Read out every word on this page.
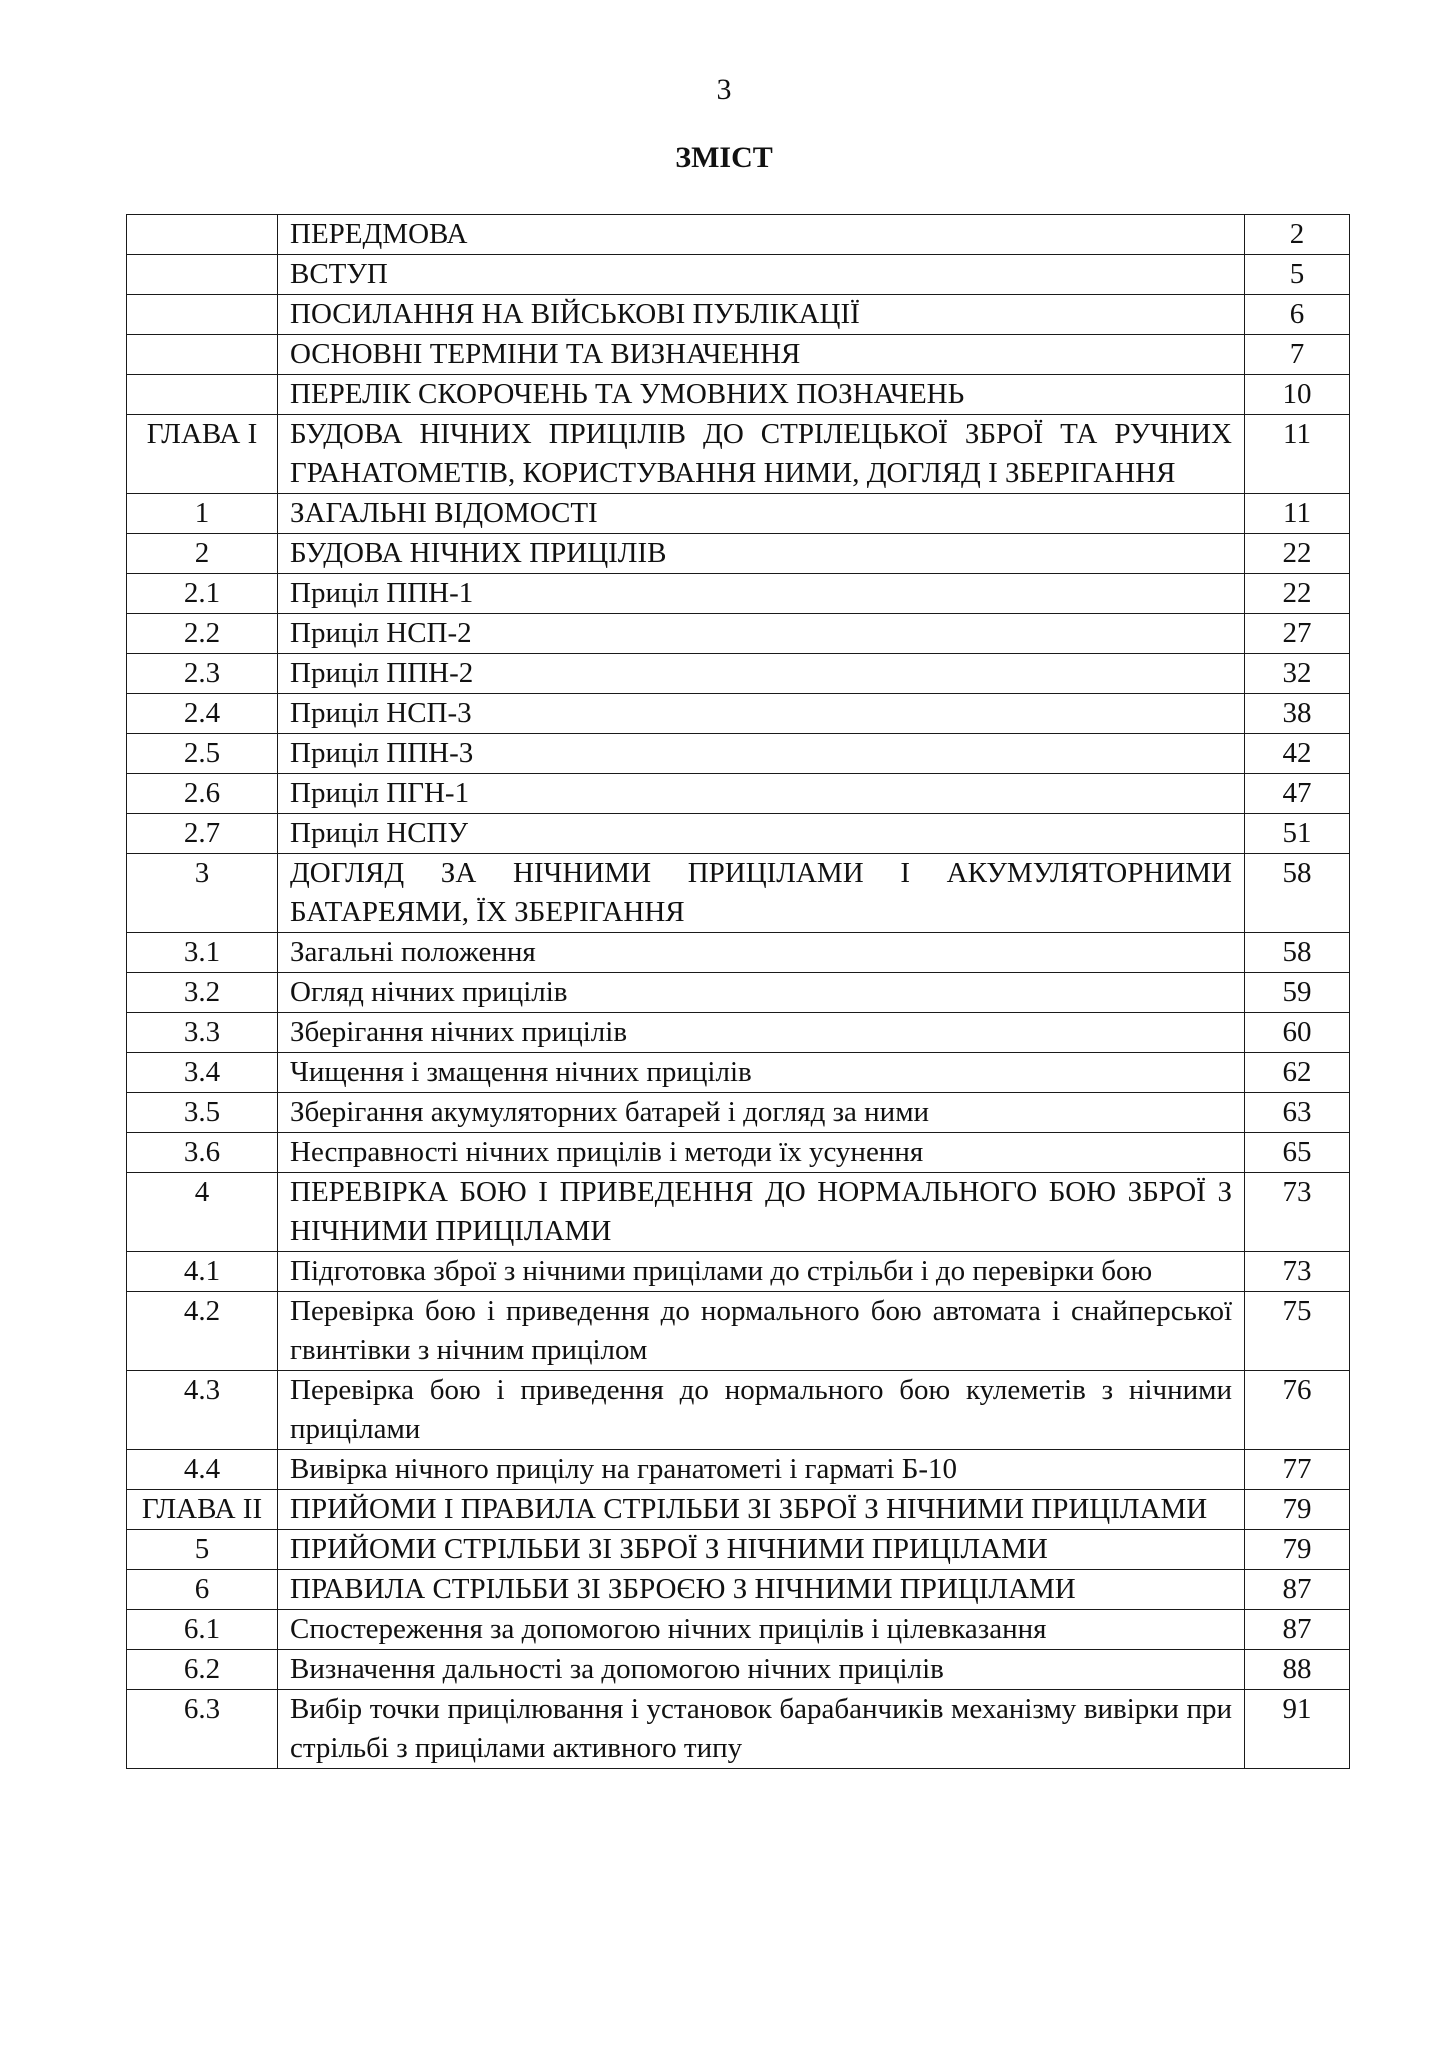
3
ЗМІСТ
	ПЕРЕДМОВА	2
	ВСТУП	5
	ПОСИЛАННЯ НА ВІЙСЬКОВІ ПУБЛІКАЦІЇ	6
	ОСНОВНІ ТЕРМІНИ ТА ВИЗНАЧЕННЯ	7
	ПЕРЕЛІК СКОРОЧЕНЬ ТА УМОВНИХ ПОЗНАЧЕНЬ	10
ГЛАВА І	БУДОВА НІЧНИХ ПРИЦІЛІВ ДО СТРІЛЕЦЬКОЇ ЗБРОЇ ТА РУЧНИХ ГРАНАТОМЕТІВ, КОРИСТУВАННЯ НИМИ, ДОГЛЯД І ЗБЕРІГАННЯ	11
1	ЗАГАЛЬНІ ВІДОМОСТІ	11
2	БУДОВА НІЧНИХ ПРИЦІЛІВ	22
2.1	Приціл ППН-1	22
2.2	Приціл НСП-2	27
2.3	Приціл ППН-2	32
2.4	Приціл НСП-3	38
2.5	Приціл ППН-3	42
2.6	Приціл ПГН-1	47
2.7	Приціл НСПУ	51
3	ДОГЛЯД ЗА НІЧНИМИ ПРИЦІЛАМИ І АКУМУЛЯТОРНИМИ БАТАРЕЯМИ, ЇХ ЗБЕРІГАННЯ	58
3.1	Загальні положення	58
3.2	Огляд нічних прицілів	59
3.3	Зберігання нічних прицілів	60
3.4	Чищення і змащення нічних прицілів	62
3.5	Зберігання акумуляторних батарей і догляд за ними	63
3.6	Несправності нічних прицілів і методи їх усунення	65
4	ПЕРЕВІРКА БОЮ І ПРИВЕДЕННЯ ДО НОРМАЛЬНОГО БОЮ ЗБРОЇ З НІЧНИМИ ПРИЦІЛАМИ	73
4.1	Підготовка зброї з нічними прицілами до стрільби і до перевірки бою	73
4.2	Перевірка бою і приведення до нормального бою автомата і снайперської гвинтівки з нічним прицілом	75
4.3	Перевірка бою і приведення до нормального бою кулеметів з нічними прицілами	76
4.4	Вивірка нічного прицілу на гранатометі і гарматі Б-10	77
ГЛАВА ІІ	ПРИЙОМИ І ПРАВИЛА СТРІЛЬБИ ЗІ ЗБРОЇ З НІЧНИМИ ПРИЦІЛАМИ	79
5	ПРИЙОМИ СТРІЛЬБИ ЗІ ЗБРОЇ З НІЧНИМИ ПРИЦІЛАМИ	79
6	ПРАВИЛА СТРІЛЬБИ ЗІ ЗБРОЄЮ З НІЧНИМИ ПРИЦІЛАМИ	87
6.1	Спостереження за допомогою нічних прицілів і цілевказання	87
6.2	Визначення дальності за допомогою нічних прицілів	88
6.3	Вибір точки прицілювання і установок барабанчиків механізму вивірки при стрільбі з прицілами активного типу	91
